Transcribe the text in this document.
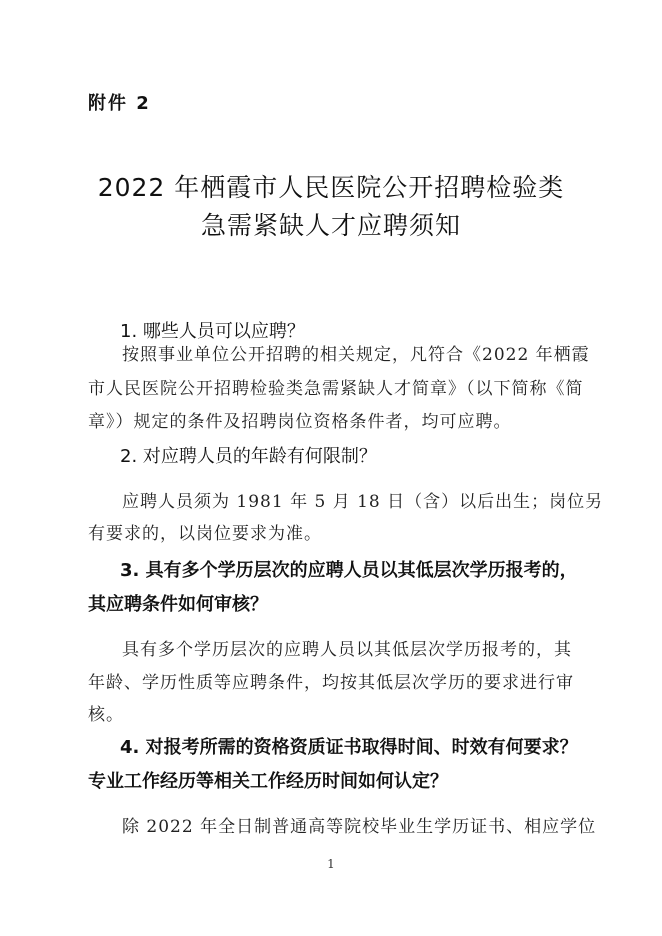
附件 2
2022 年栖霞市人民医院公开招聘检验类
急需紧缺人才应聘须知
1. 哪些人员可以应聘？
按照事业单位公开招聘的相关规定，凡符合《2022 年栖霞
市人民医院公开招聘检验类急需紧缺人才简章》（以下简称《简
章》）规定的条件及招聘岗位资格条件者，均可应聘。
2. 对应聘人员的年龄有何限制？
应聘人员须为 1981 年 5 月 18 日（含）以后出生；岗位另
有要求的，以岗位要求为准。
3. 具有多个学历层次的应聘人员以其低层次学历报考的，
其应聘条件如何审核？
具有多个学历层次的应聘人员以其低层次学历报考的，其
年龄、学历性质等应聘条件，均按其低层次学历的要求进行审
核。
4. 对报考所需的资格资质证书取得时间、时效有何要求？
专业工作经历等相关工作经历时间如何认定？
除 2022 年全日制普通高等院校毕业生学历证书、相应学位
1
